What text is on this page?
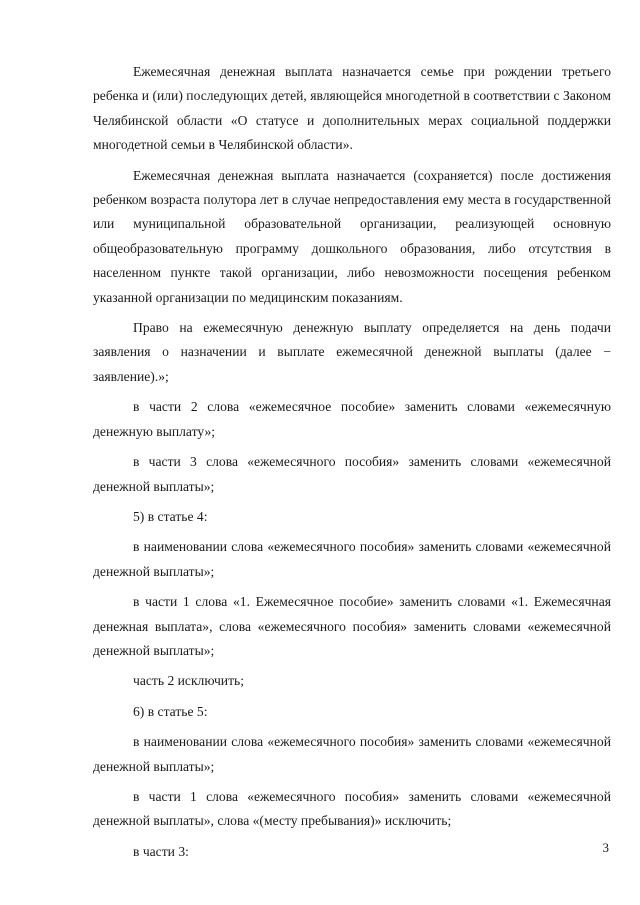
Ежемесячная денежная выплата назначается семье при рождении третьего ребенка и (или) последующих детей, являющейся многодетной в соответствии с Законом Челябинской области «О статусе и дополнительных мерах социальной поддержки многодетной семьи в Челябинской области».

Ежемесячная денежная выплата назначается (сохраняется) после достижения ребенком возраста полутора лет в случае непредоставления ему места в государственной или муниципальной образовательной организации, реализующей основную общеобразовательную программу дошкольного образования, либо отсутствия в населенном пункте такой организации, либо невозможности посещения ребенком указанной организации по медицинским показаниям.

Право на ежемесячную денежную выплату определяется на день подачи заявления о назначении и выплате ежемесячной денежной выплаты (далее − заявление).»;

в части 2 слова «ежемесячное пособие» заменить словами «ежемесячную денежную выплату»;

в части 3 слова «ежемесячного пособия» заменить словами «ежемесячной денежной выплаты»;

5) в статье 4:

в наименовании слова «ежемесячного пособия» заменить словами «ежемесячной денежной выплаты»;

в части 1 слова «1. Ежемесячное пособие» заменить словами «1. Ежемесячная денежная выплата», слова «ежемесячного пособия» заменить словами «ежемесячной денежной выплаты»;

часть 2 исключить;

6) в статье 5:

в наименовании слова «ежемесячного пособия» заменить словами «ежемесячной денежной выплаты»;

в части 1 слова «ежемесячного пособия» заменить словами «ежемесячной денежной выплаты», слова «(месту пребывания)» исключить;

в части 3:	3
